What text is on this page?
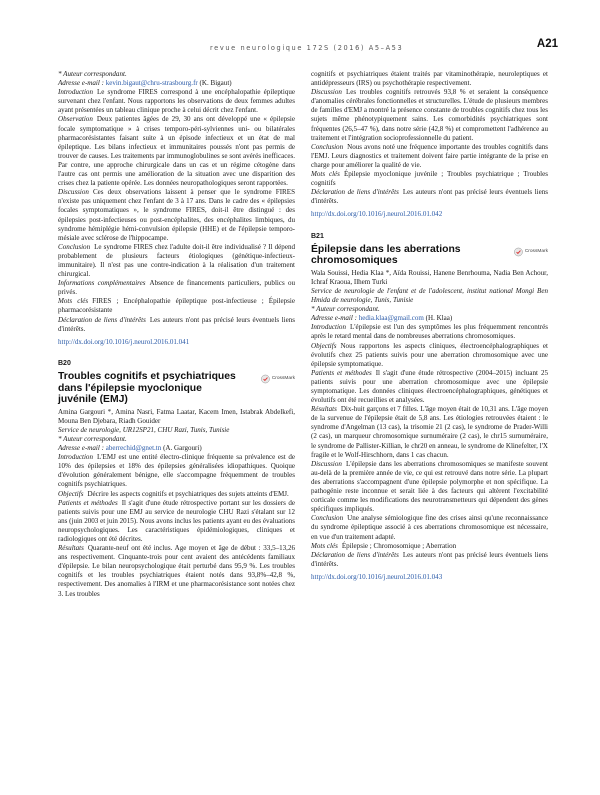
revue neurologique 172S (2016) A5–A53	A21

* Auteur correspondant.

Adresse e-mail : kevin.bigaut@chru-strasbourg.fr (K. Bigaut)

Introduction Le syndrome FIRES correspond à une encéphalopathie épileptique survenant chez l'enfant. Nous rapportons les observations de deux femmes adultes ayant présentées un tableau clinique proche à celui décrit chez l'enfant.

Observation Deux patientes âgées de 29, 30 ans ont développé une « épilepsie focale symptomatique » à crises temporo-péri-sylviennes uni- ou bilatérales pharmacorésistantes faisant suite à un épisode infectieux et un état de mal épileptique. Les bilans infectieux et immunitaires poussés n'ont pas permis de trouver de causes. Les traitements par immunoglobulines se sont avérés inefficaces. Par contre, une approche chirurgicale dans un cas et un régime cétogène dans l'autre cas ont permis une amélioration de la situation avec une disparition des crises chez la patiente opérée. Les données neuropathologiques seront rapportées.

Discussion Ces deux observations laissent à penser que le syndrome FIRES n'existe pas uniquement chez l'enfant de 3 à 17 ans. Dans le cadre des « épilepsies focales symptomatiques », le syndrome FIRES, doit-il être distingué : des épilepsies post-infectieuses ou post-encéphalites, des encéphalites limbiques, du syndrome hémiplégie hémi-convulsion épilepsie (HHE) et de l'épilepsie temporo-mésiale avec sclérose de l'hippocampe.

Conclusion Le syndrome FIRES chez l'adulte doit-il être individualisé ? Il dépend probablement de plusieurs facteurs étiologiques (génétique-infectieux-immunitaire). Il n'est pas une contre-indication à la réalisation d'un traitement chirurgical.

Informations complémentaires Absence de financements particuliers, publics ou privés.

Mots clés FIRES ; Encéphalopathie épileptique post-infectieuse ; Épilepsie pharmacorésistante

Déclaration de liens d'intérêts Les auteurs n'ont pas précisé leurs éventuels liens d'intérêts.

http://dx.doi.org/10.1016/j.neurol.2016.01.041

B20
Troubles cognitifs et psychiatriques dans l'épilepsie myoclonique juvénile (EMJ)
CrossMark

Amina Gargouri *, Amina Nasri, Fatma Laatar, Kacem Imen, Istabrak Abdelkefi, Mouna Ben Djebara, Riadh Gouider

Service de neurologie, UR12SP21, CHU Razi, Tunis, Tunisie

* Auteur correspondant.

Adresse e-mail : aberrechid@gnet.tn (A. Gargouri)

Introduction L'EMJ est une entité électro-clinique fréquente sa prévalence est de 10% des épilepsies et 18% des épilepsies généralisées idiopathiques. Quoique d'évolution généralement bénigne, elle s'accompagne fréquemment de troubles cognitifs psychiatriques.

Objectifs Décrire les aspects cognitifs et psychiatriques des sujets atteints d'EMJ.

Patients et méthodes Il s'agit d'une étude rétrospective portant sur les dossiers de patients suivis pour une EMJ au service de neurologie CHU Razi s'étalant sur 12 ans (juin 2003 et juin 2015). Nous avons inclus les patients ayant eu des évaluations neuropsychologiques. Les caractéristiques épidémiologiques, cliniques et radiologiques ont été décrites.

Résultats Quarante-neuf ont été inclus. Age moyen et âge de début : 33,5–13,26 ans respectivement. Cinquante-trois pour cent avaient des antécédents familiaux d'épilepsie. Le bilan neuropsychologique était perturbé dans 95,9 %. Les troubles cognitifs et les troubles psychiatriques étaient notés dans 93,8%–42,8 %, respectivement. Des anomalies à l'IRM et une pharmacorésistance sont notées chez 3. Les troubles

cognitifs et psychiatriques étaient traités par vitaminothérapie, neuroleptiques et antidépresseurs (IRS) ou psychothérapie respectivement.

Discussion Les troubles cognitifs retrouvés 93,8 % et seraient la conséquence d'anomalies cérébrales fonctionnelles et structurelles. L'étude de plusieurs membres de familles d'EMJ a montré la présence constante de troubles cognitifs chez tous les sujets même phénotypiquement sains. Les comorbidités psychiatriques sont fréquentes (26,5–47 %), dans notre série (42,8 %) et compromettent l'adhérence au traitement et l'intégration socioprofessionnelle du patient.

Conclusion Nous avons noté une fréquence importante des troubles cognitifs dans l'EMJ. Leurs diagnostics et traitement doivent faire partie intégrante de la prise en charge pour améliorer la qualité de vie.

Mots clés Épilepsie myoclonique juvénile ; Troubles psychiatrique ; Troubles cognitifs

Déclaration de liens d'intérêts Les auteurs n'ont pas précisé leurs éventuels liens d'intérêts.

http://dx.doi.org/10.1016/j.neurol.2016.01.042

B21
Épilepsie dans les aberrations chromosomiques
CrossMark

Wala Souissi, Hedia Klaa *, Aïda Rouissi, Hanene Benrhouma, Nadia Ben Achour, Ichraf Kraoua, Ilhem Turki

Service de neurologie de l'enfant et de l'adolescent, institut national Mongi Ben Hmida de neurologie, Tunis, Tunisie

* Auteur correspondant.

Adresse e-mail : hedia.klaa@gmail.com (H. Klaa)

Introduction L'épilepsie est l'un des symptômes les plus fréquemment rencontrés après le retard mental dans de nombreuses aberrations chromosomiques.

Objectifs Nous rapportons les aspects cliniques, électroencéphalographiques et évolutifs chez 25 patients suivis pour une aberration chromosomique avec une épilepsie symptomatique.

Patients et méthodes Il s'agit d'une étude rétrospective (2004–2015) incluant 25 patients suivis pour une aberration chromosomique avec une épilepsie symptomatique. Les données cliniques électroencéphalographiques, génétiques et évolutifs ont été recueillies et analysées.

Résultats Dix-huit garçons et 7 filles. L'âge moyen était de 10,31 ans. L'âge moyen de la survenue de l'épilepsie était de 5,8 ans. Les étiologies retrouvées étaient : le syndrome d'Angelman (13 cas), la trisomie 21 (2 cas), le syndrome de Prader-Willi (2 cas), un marqueur chromosomique surnuméraire (2 cas), le chr15 surnuméraire, le syndrome de Pallister-Killian, le chr20 en anneau, le syndrome de Klinefelter, l'X fragile et le Wolf-Hirschhorn, dans 1 cas chacun.

Discussion L'épilepsie dans les aberrations chromosomiques se manifeste souvent au-delà de la première année de vie, ce qui est retrouvé dans notre série. La plupart des aberrations s'accompagnent d'une épilepsie polymorphe et non spécifique. La pathogénie reste inconnue et serait liée à des facteurs qui altèrent l'excitabilité corticale comme les modifications des neurotransmetteurs qui dépendent des gènes spécifiques impliqués.

Conclusion Une analyse sémiologique fine des crises ainsi qu'une reconnaissance du syndrome épileptique associé à ces aberrations chromosomique est nécessaire, en vue d'un traitement adapté.

Mots clés Épilepsie ; Chromosomique ; Aberration

Déclaration de liens d'intérêts Les auteurs n'ont pas précisé leurs éventuels liens d'intérêts.

http://dx.doi.org/10.1016/j.neurol.2016.01.043
